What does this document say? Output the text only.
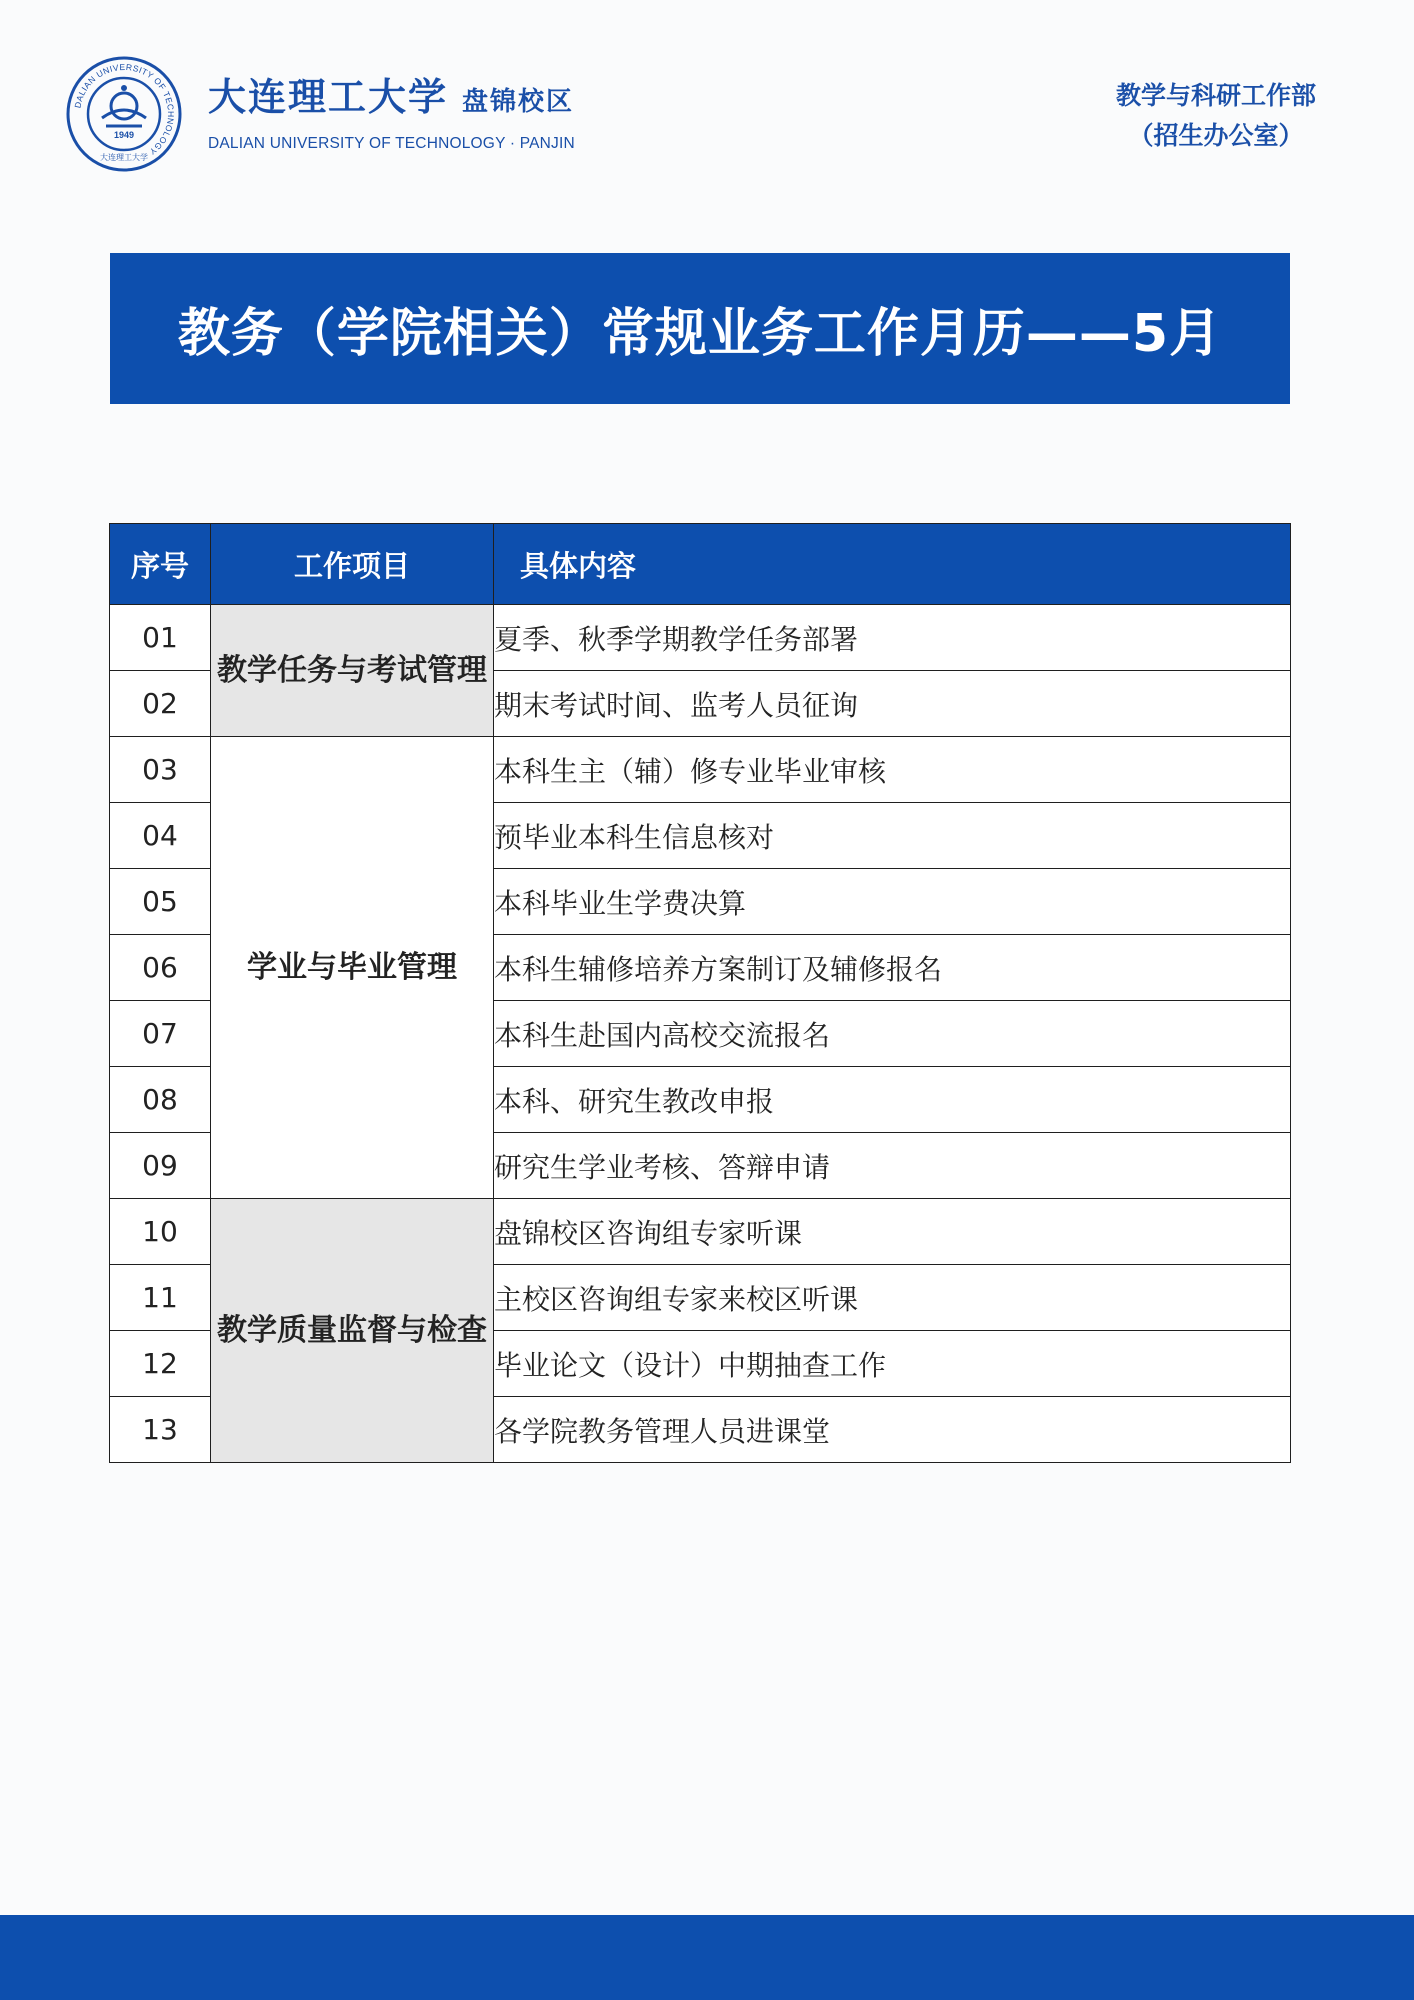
DALIAN UNIVERSITY OF TECHNOLOGY
1949
大连理工大学
大连理工大学 盘锦校区
DALIAN UNIVERSITY OF TECHNOLOGY · PANJIN
教学与科研工作部
（招生办公室）
教务（学院相关）常规业务工作月历——5月
序号	工作项目	具体内容
01	教学任务与考试管理	夏季、秋季学期教学任务部署
02		期末考试时间、监考人员征询
03	学业与毕业管理	本科生主（辅）修专业毕业审核
04		预毕业本科生信息核对
05		本科毕业生学费决算
06		本科生辅修培养方案制订及辅修报名
07		本科生赴国内高校交流报名
08		本科、研究生教改申报
09		研究生学业考核、答辩申请
10	教学质量监督与检查	盘锦校区咨询组专家听课
11		主校区咨询组专家来校区听课
12		毕业论文（设计）中期抽查工作
13		各学院教务管理人员进课堂
